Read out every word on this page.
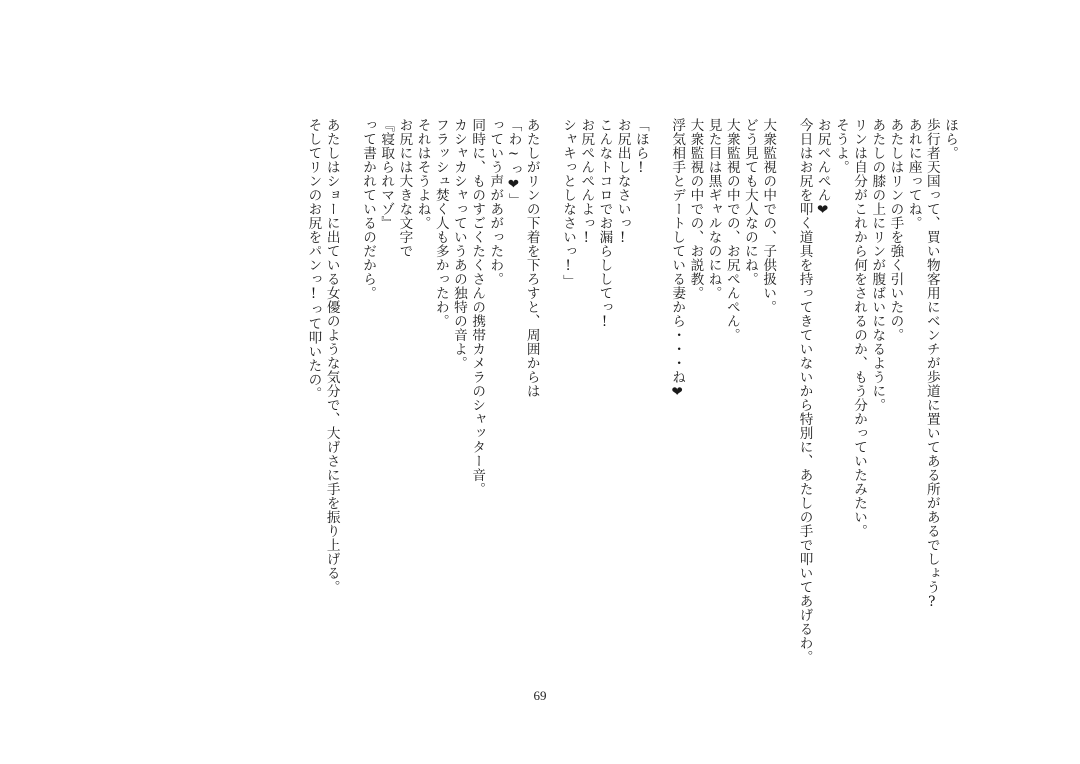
ほら。
歩行者天国って、買い物客用にベンチが歩道に置いてある所があるでしょう?
あれに座ってね。
あたしはリンの手を強く引いたの。
あたしの膝の上にリンが腹ばいになるように。
リンは自分がこれから何をされるのか、もう分かっていたみたい。
そうよ。
お尻ぺんぺん❤
今日はお尻を叩く道具を持ってきていないから特別に、あたしの手で叩いてあげるわ。
大衆監視の中での、子供扱い。
どう見ても大人なのにね。
大衆監視の中での、お尻ぺんぺん。
見た目は黒ギャルなのにね。
大衆監視の中での、お説教。
浮気相手とデートしている妻から・・・ね❤
「ほら!
お尻出しなさいっ!
こんなトコロでお漏らししてっ!
お尻ぺんぺんよっ!
シャキっとしなさいっ!」
あたしがリンの下着を下ろすと、周囲からは
「わ~っ❤」
っていう声があがったわ。
同時に、ものすごくたくさんの携帯カメラのシャッター音。
カシャカシャっていうあの独特の音よ。
フラッシュ焚く人も多かったわ。
それはそうよね。
お尻には大きな文字で
『寝取られマゾ』
って書かれているのだから。
あたしはショーに出ている女優のような気分で、大げさに手を振り上げる。
そしてリンのお尻をパンっ!って叩いたの。
69
